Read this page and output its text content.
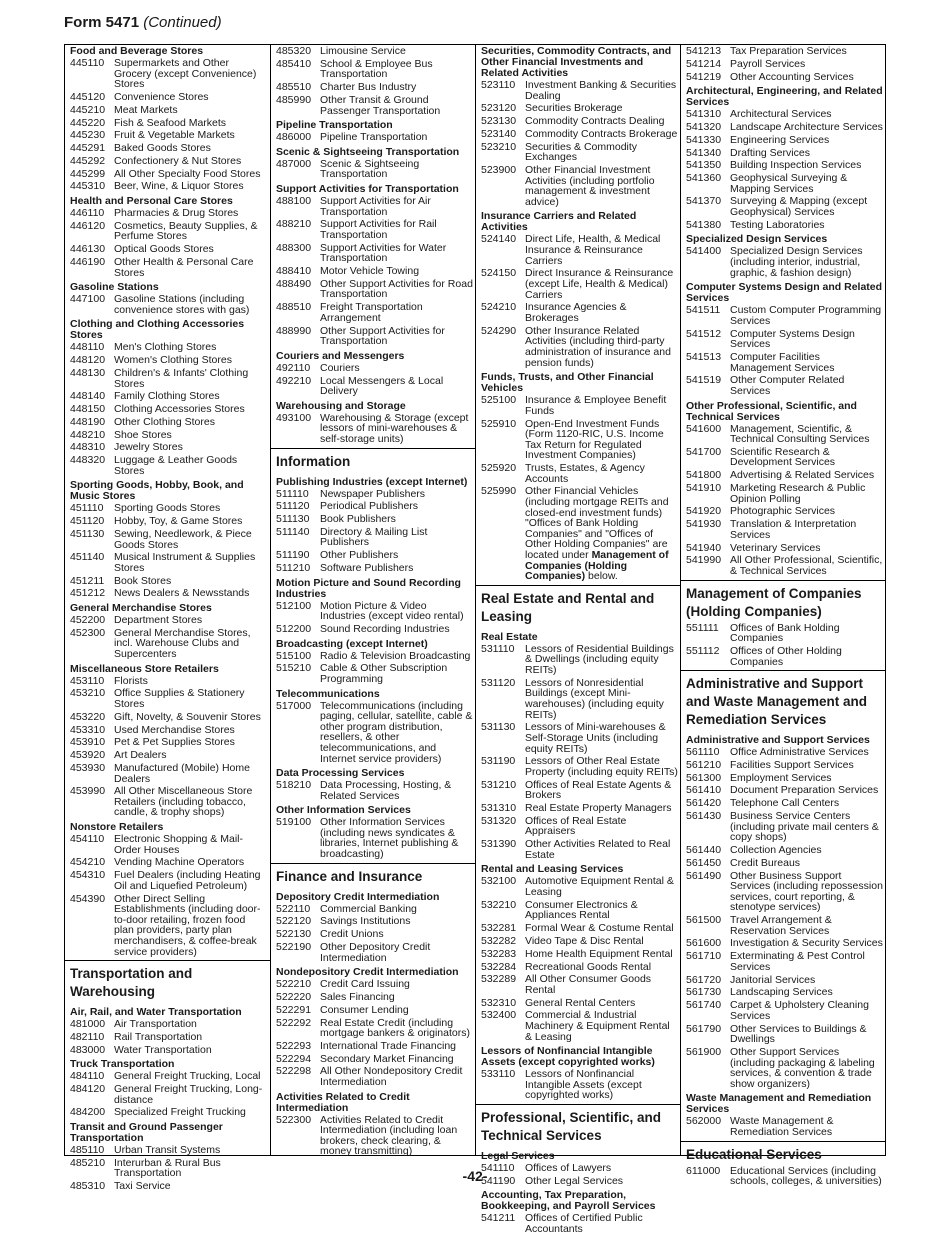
Form 5471 (Continued)
Food and Beverage Stores
445110 Supermarkets and Other Grocery (except Convenience) Stores
445120 Convenience Stores
445210 Meat Markets
445220 Fish & Seafood Markets
445230 Fruit & Vegetable Markets
445291 Baked Goods Stores
445292 Confectionery & Nut Stores
445299 All Other Specialty Food Stores
445310 Beer, Wine, & Liquor Stores
Health and Personal Care Stores
446110 Pharmacies & Drug Stores
446120 Cosmetics, Beauty Supplies, & Perfume Stores
446130 Optical Goods Stores
446190 Other Health & Personal Care Stores
Gasoline Stations
447100 Gasoline Stations (including convenience stores with gas)
Clothing and Clothing Accessories Stores
448110 Men's Clothing Stores
448120 Women's Clothing Stores
448130 Children's & Infants' Clothing Stores
448140 Family Clothing Stores
448150 Clothing Accessories Stores
448190 Other Clothing Stores
448210 Shoe Stores
448310 Jewelry Stores
448320 Luggage & Leather Goods Stores
Sporting Goods, Hobby, Book, and Music Stores
451110	Sporting Goods Stores
451120 Hobby, Toy, & Game Stores
451130 Sewing, Needlework, & Piece Goods Stores
451140 Musical Instrument & Supplies Stores
451211 Book Stores
451212 News Dealers & Newsstands
General Merchandise Stores
452200 Department Stores
452300 General Merchandise Stores, incl. Warehouse Clubs and Supercenters
Miscellaneous Store Retailers
453110 Florists
453210 Office Supplies & Stationery Stores
453220 Gift, Novelty, & Souvenir Stores
453310 Used Merchandise Stores
453910 Pet & Pet Supplies Stores
453920 Art Dealers
453930 Manufactured (Mobile) Home Dealers
453990 All Other Miscellaneous Store Retailers (including tobacco, candle, & trophy shops)
Nonstore Retailers
454110 Electronic Shopping & Mail-Order Houses
454210 Vending Machine Operators
454310 Fuel Dealers (including Heating Oil and Liquefied Petroleum)
454390 Other Direct Selling Establishments (including door-to-door retailing, frozen food plan providers, party plan merchandisers, & coffee-break service providers)
Transportation and Warehousing
Air, Rail, and Water Transportation
481000 Air Transportation
482110 Rail Transportation
483000 Water Transportation
Truck Transportation
484110 General Freight Trucking, Local
484120 General Freight Trucking, Long-distance
484200 Specialized Freight Trucking
Transit and Ground Passenger Transportation
485110 Urban Transit Systems
485210 Interurban & Rural Bus Transportation
485310 Taxi Service
485320 Limousine Service
485410 School & Employee Bus Transportation
485510 Charter Bus Industry
485990 Other Transit & Ground Passenger Transportation
Pipeline Transportation
486000 Pipeline Transportation
Scenic & Sightseeing Transportation
487000 Scenic & Sightseeing Transportation
Support Activities for Transportation
488100 Support Activities for Air Transportation
488210 Support Activities for Rail Transportation
488300 Support Activities for Water Transportation
488410 Motor Vehicle Towing
488490 Other Support Activities for Road Transportation
488510 Freight Transportation Arrangement
488990 Other Support Activities for Transportation
Couriers and Messengers
492110 Couriers
492210 Local Messengers & Local Delivery
Warehousing and Storage
493100 Warehousing & Storage (except lessors of mini-warehouses & self-storage units)
Information
Publishing Industries (except Internet)
511110	Newspaper Publishers
511120	Periodical Publishers
511130	Book Publishers
511140	Directory & Mailing List Publishers
511190	Other Publishers
511210 Software Publishers
Motion Picture and Sound Recording Industries
512100 Motion Picture & Video Industries (except video rental)
512200 Sound Recording Industries
Broadcasting (except Internet)
515100 Radio & Television Broadcasting
515210 Cable & Other Subscription Programming
Telecommunications
517000 Telecommunications (including paging, cellular, satellite, cable & other program distribution, resellers, & other telecommunications, and Internet service providers)
Data Processing Services
518210 Data Processing, Hosting, & Related Services
Other Information Services
519100 Other Information Services (including news syndicates & libraries, Internet publishing & broadcasting)
Finance and Insurance
Depository Credit Intermediation
522110 Commercial Banking
522120 Savings Institutions
522130 Credit Unions
522190 Other Depository Credit Intermediation
Nondepository Credit Intermediation
522210 Credit Card Issuing
522220 Sales Financing
522291 Consumer Lending
522292 Real Estate Credit (including mortgage bankers & originators)
522293 International Trade Financing
522294 Secondary Market Financing
522298 All Other Nondepository Credit Intermediation
Activities Related to Credit Intermediation
522300 Activities Related to Credit Intermediation (including loan brokers, check clearing, & money transmitting)
Securities, Commodity Contracts, and Other Financial Investments and Related Activities
523110 Investment Banking & Securities Dealing
523120 Securities Brokerage
523130 Commodity Contracts Dealing
523140 Commodity Contracts Brokerage
523210 Securities & Commodity Exchanges
523900 Other Financial Investment Activities (including portfolio management & investment advice)
Insurance Carriers and Related Activities
524140 Direct Life, Health, & Medical Insurance & Reinsurance Carriers
524150 Direct Insurance & Reinsurance (except Life, Health & Medical) Carriers
524210 Insurance Agencies & Brokerages
524290 Other Insurance Related Activities (including third-party administration of insurance and pension funds)
Funds, Trusts, and Other Financial Vehicles
525100 Insurance & Employee Benefit Funds
525910 Open-End Investment Funds (Form 1120-RIC, U.S. Income Tax Return for Regulated Investment Companies)
525920 Trusts, Estates, & Agency Accounts
525990 Other Financial Vehicles (including mortgage REITs and closed-end investment funds) "Offices of Bank Holding Companies" and "Offices of Other Holding Companies" are located under Management of Companies (Holding Companies) below.
Real Estate and Rental and Leasing
Real Estate
531110	Lessors of Residential Buildings & Dwellings (including equity REITs)
531120 Lessors of Nonresidential Buildings (except Mini-warehouses) (including equity REITs)
531130 Lessors of Mini-warehouses & Self-Storage Units (including equity REITs)
531190 Lessors of Other Real Estate Property (including equity REITs)
531210 Offices of Real Estate Agents & Brokers
531310 Real Estate Property Managers
531320 Offices of Real Estate Appraisers
531390 Other Activities Related to Real Estate
Rental and Leasing Services
532100 Automotive Equipment Rental & Leasing
532210 Consumer Electronics & Appliances Rental
532281 Formal Wear & Costume Rental
532282 Video Tape & Disc Rental
532283 Home Health Equipment Rental
532284 Recreational Goods Rental
532289 All Other Consumer Goods Rental
532310 General Rental Centers
532400 Commercial & Industrial Machinery & Equipment Rental & Leasing
Lessors of Nonfinancial Intangible Assets (except copyrighted works)
533110 Lessors of Nonfinancial Intangible Assets (except copyrighted works)
Professional, Scientific, and Technical Services
Legal Services
541110	Offices of Lawyers
541190 Other Legal Services
Accounting, Tax Preparation, Bookkeeping, and Payroll Services
541211 Offices of Certified Public Accountants
541213 Tax Preparation Services
541214 Payroll Services
541219 Other Accounting Services
Architectural, Engineering, and Related Services
541310 Architectural Services
541320 Landscape Architecture Services
541330 Engineering Services
541340 Drafting Services
541350 Building Inspection Services
541360 Geophysical Surveying & Mapping Services
541370 Surveying & Mapping (except Geophysical) Services
541380 Testing Laboratories
Specialized Design Services
541400 Specialized Design Services (including interior, industrial, graphic, & fashion design)
Computer Systems Design and Related Services
541511 Custom Computer Programming Services
541512 Computer Systems Design Services
541513 Computer Facilities Management Services
541519 Other Computer Related Services
Other Professional, Scientific, and Technical Services
541600 Management, Scientific, & Technical Consulting Services
541700 Scientific Research & Development Services
541800 Advertising & Related Services
541910 Marketing Research & Public Opinion Polling
541920 Photographic Services
541930 Translation & Interpretation Services
541940 Veterinary Services
541990 All Other Professional, Scientific, & Technical Services
Management of Companies (Holding Companies)
551111	Offices of Bank Holding Companies
551112	Offices of Other Holding Companies
Administrative and Support and Waste Management and Remediation Services
Administrative and Support Services
561110	Office Administrative Services
561210 Facilities Support Services
561300 Employment Services
561410 Document Preparation Services
561420 Telephone Call Centers
561430 Business Service Centers (including private mail centers & copy shops)
561440 Collection Agencies
561450 Credit Bureaus
561490 Other Business Support Services (including repossession services, court reporting, & stenotype services)
561500 Travel Arrangement & Reservation Services
561600 Investigation & Security Services
561710 Exterminating & Pest Control Services
561720 Janitorial Services
561730 Landscaping Services
561740 Carpet & Upholstery Cleaning Services
561790 Other Services to Buildings & Dwellings
561900 Other Support Services (including packaging & labeling services, & convention & trade show organizers)
Waste Management and Remediation Services
562000 Waste Management & Remediation Services
Educational Services
611000 Educational Services (including schools, colleges, & universities)
-42-
